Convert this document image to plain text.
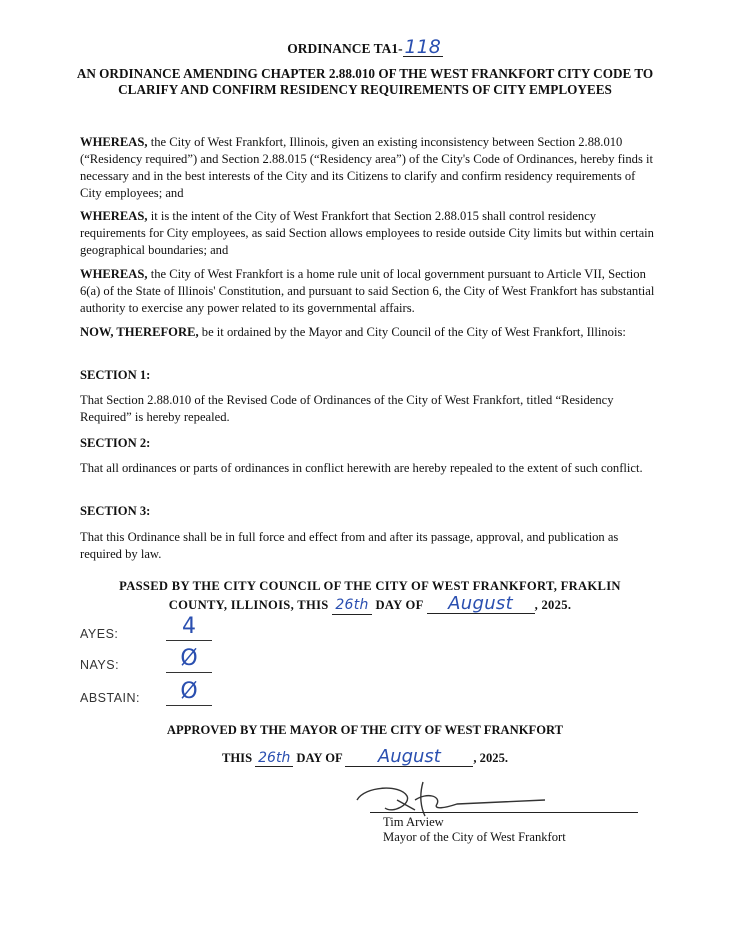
ORDINANCE TA1-118
AN ORDINANCE AMENDING CHAPTER 2.88.010 OF THE WEST FRANKFORT CITY CODE TO CLARIFY AND CONFIRM RESIDENCY REQUIREMENTS OF CITY EMPLOYEES
WHEREAS, the City of West Frankfort, Illinois, given an existing inconsistency between Section 2.88.010 (“Residency required”) and Section 2.88.015 (“Residency area”) of the City's Code of Ordinances, hereby finds it necessary and in the best interests of the City and its Citizens to clarify and confirm residency requirements of City employees; and
WHEREAS, it is the intent of the City of West Frankfort that Section 2.88.015 shall control residency requirements for City employees, as said Section allows employees to reside outside City limits but within certain geographical boundaries; and
WHEREAS, the City of West Frankfort is a home rule unit of local government pursuant to Article VII, Section 6(a) of the State of Illinois' Constitution, and pursuant to said Section 6, the City of West Frankfort has substantial authority to exercise any power related to its governmental affairs.
NOW, THEREFORE, be it ordained by the Mayor and City Council of the City of West Frankfort, Illinois:
SECTION 1:
That Section 2.88.010 of the Revised Code of Ordinances of the City of West Frankfort, titled “Residency Required” is hereby repealed.
SECTION 2:
That all ordinances or parts of ordinances in conflict herewith are hereby repealed to the extent of such conflict.
SECTION 3:
That this Ordinance shall be in full force and effect from and after its passage, approval, and publication as required by law.
PASSED BY THE CITY COUNCIL OF THE CITY OF WEST FRANKFORT, FRAKLIN
COUNTY, ILLINOIS, THIS 26th DAY OF August , 2025.
AYES:	4
NAYS:	Ø
ABSTAIN:	Ø
APPROVED BY THE MAYOR OF THE CITY OF WEST FRANKFORT
THIS 26th DAY OF August	, 2025.
Tim Arview
Mayor of the City of West Frankfort
